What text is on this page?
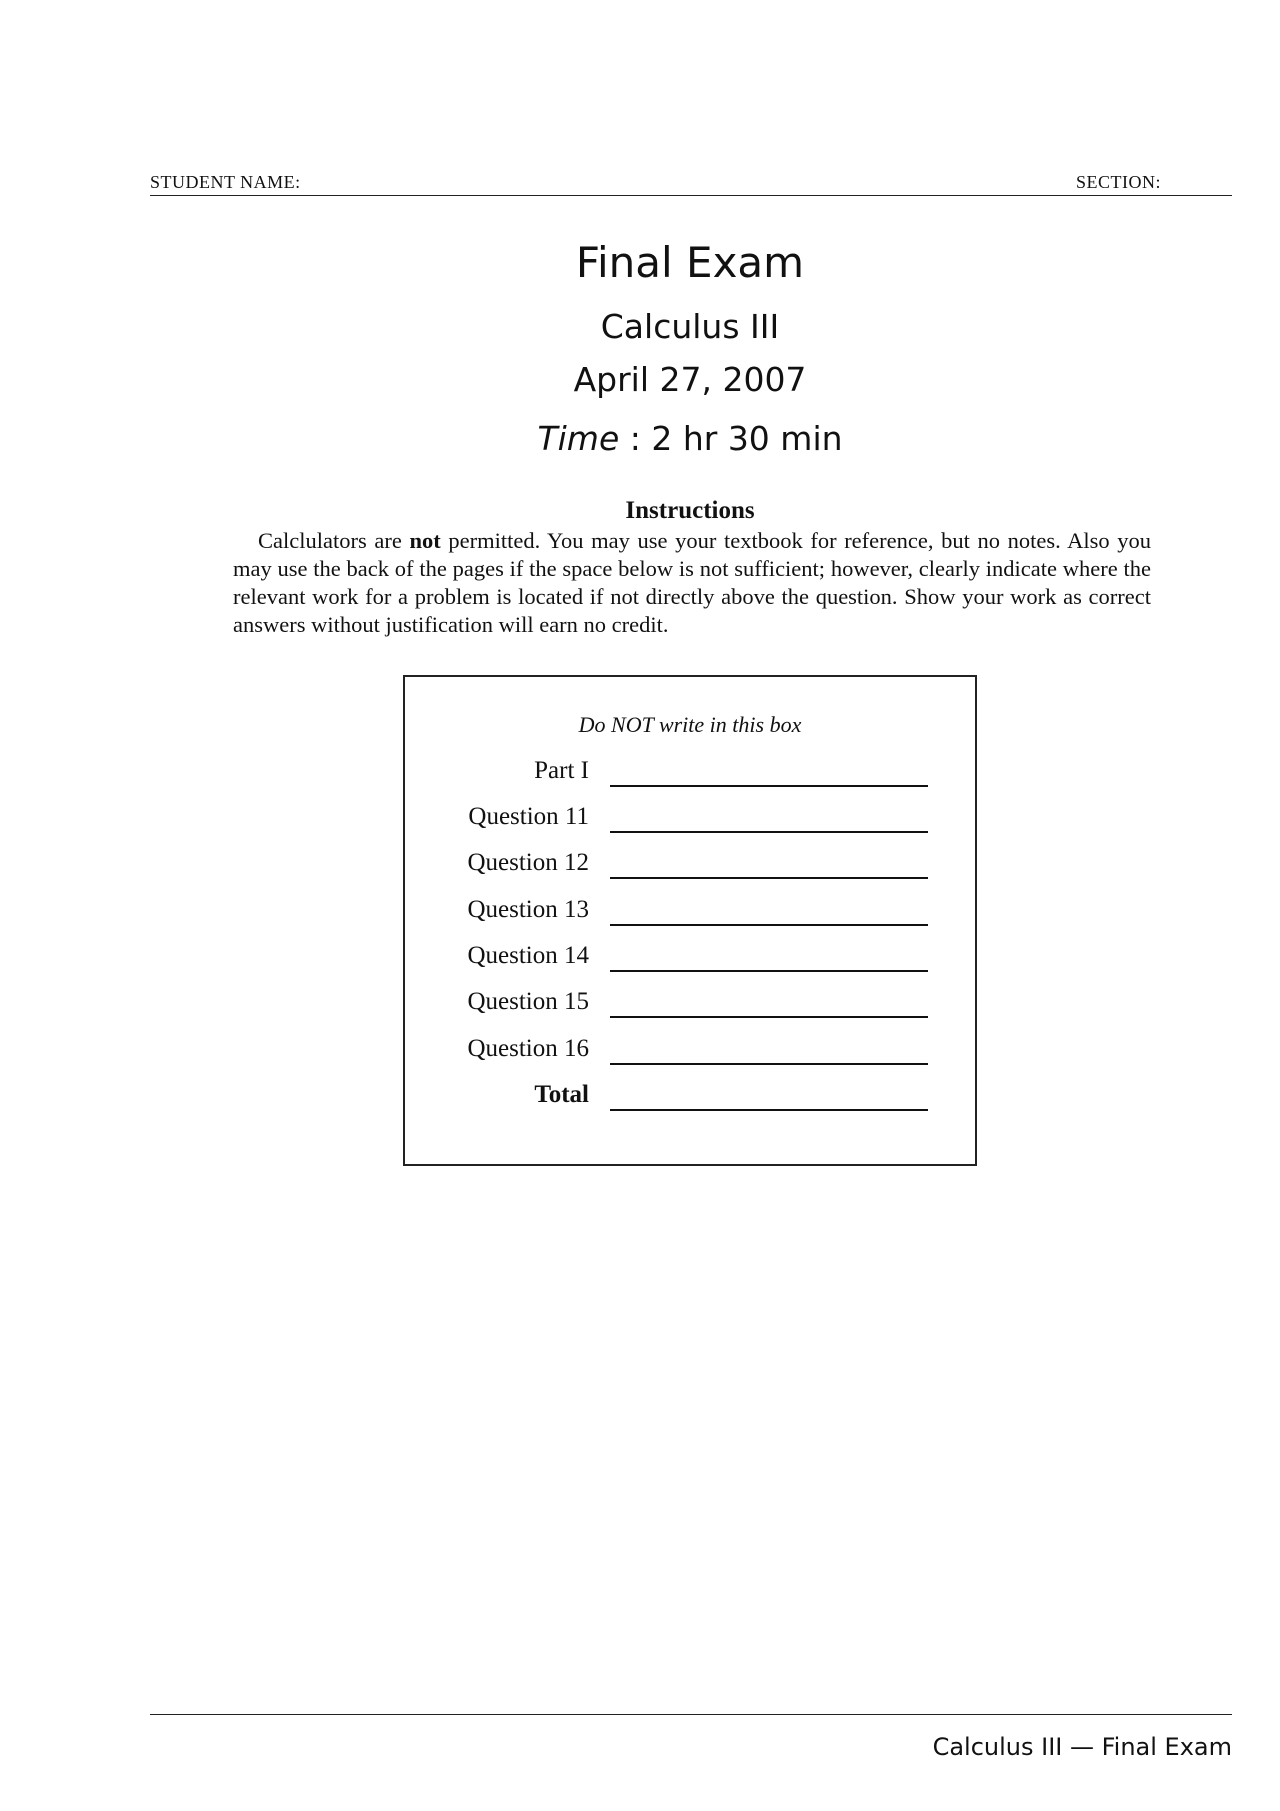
STUDENT NAME:	SECTION:
Final Exam
Calculus III
April 27, 2007
Time : 2 hr 30 min
Instructions
Calclulators are not permitted. You may use your textbook for reference, but no notes. Also you may use the back of the pages if the space below is not sufficient; however, clearly indicate where the relevant work for a problem is located if not directly above the question. Show your work as correct answers without justification will earn no credit.
Do NOT write in this box
Part I
Question 11
Question 12
Question 13
Question 14
Question 15
Question 16
Total
Calculus III — Final Exam
